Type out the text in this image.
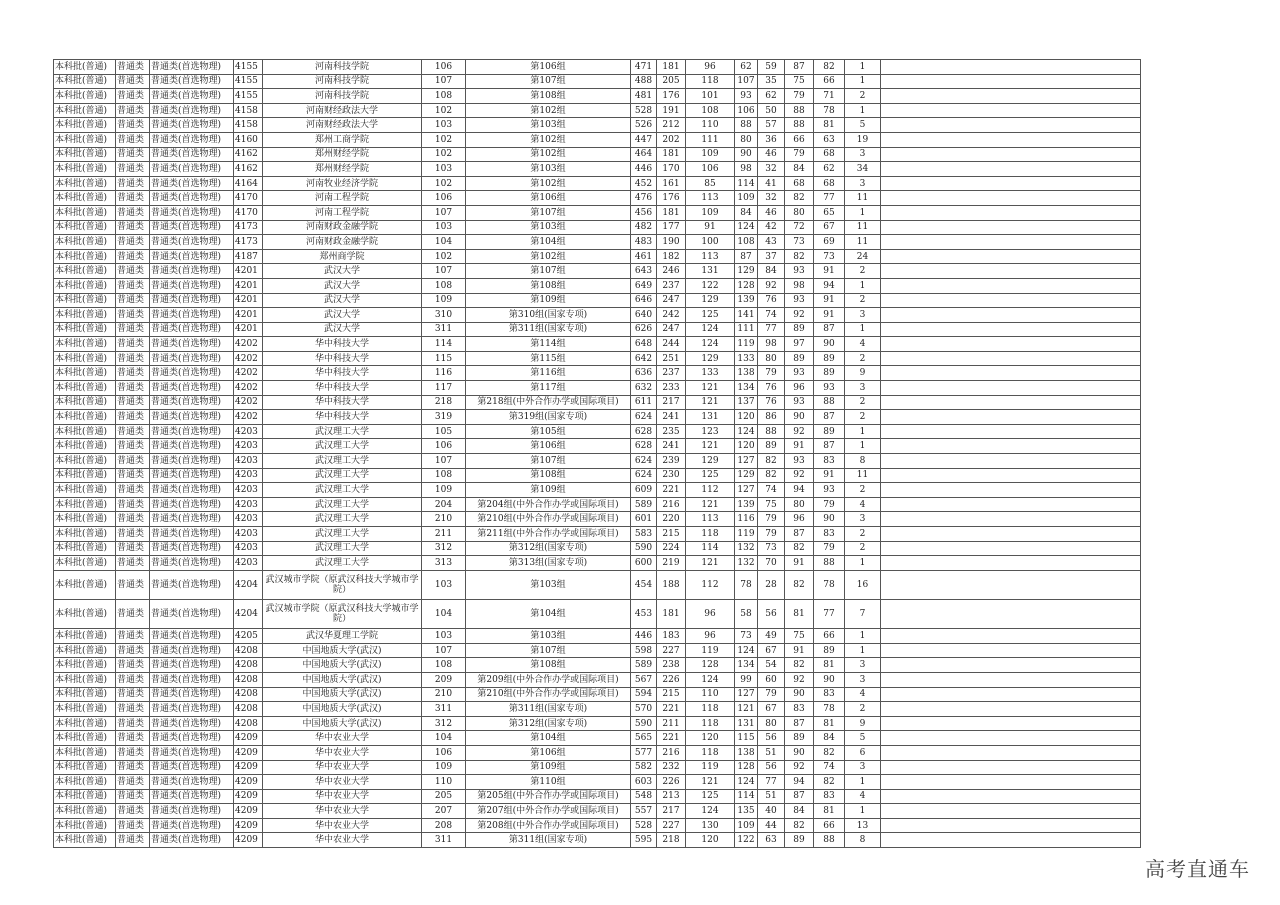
本科批(普通)	普通类	普通类(首选物理)	4155	河南科技学院	106	第106组	471	181	96	62	59	87	82	1	
本科批(普通)	普通类	普通类(首选物理)	4155	河南科技学院	107	第107组	488	205	118	107	35	75	66	1	
本科批(普通)	普通类	普通类(首选物理)	4155	河南科技学院	108	第108组	481	176	101	93	62	79	71	2	
本科批(普通)	普通类	普通类(首选物理)	4158	河南财经政法大学	102	第102组	528	191	108	106	50	88	78	1	
本科批(普通)	普通类	普通类(首选物理)	4158	河南财经政法大学	103	第103组	526	212	110	88	57	88	81	5	
本科批(普通)	普通类	普通类(首选物理)	4160	郑州工商学院	102	第102组	447	202	111	80	36	66	63	19	
本科批(普通)	普通类	普通类(首选物理)	4162	郑州财经学院	102	第102组	464	181	109	90	46	79	68	3	
本科批(普通)	普通类	普通类(首选物理)	4162	郑州财经学院	103	第103组	446	170	106	98	32	84	62	34	
本科批(普通)	普通类	普通类(首选物理)	4164	河南牧业经济学院	102	第102组	452	161	85	114	41	68	68	3	
本科批(普通)	普通类	普通类(首选物理)	4170	河南工程学院	106	第106组	476	176	113	109	32	82	77	11	
本科批(普通)	普通类	普通类(首选物理)	4170	河南工程学院	107	第107组	456	181	109	84	46	80	65	1	
本科批(普通)	普通类	普通类(首选物理)	4173	河南财政金融学院	103	第103组	482	177	91	124	42	72	67	11	
本科批(普通)	普通类	普通类(首选物理)	4173	河南财政金融学院	104	第104组	483	190	100	108	43	73	69	11	
本科批(普通)	普通类	普通类(首选物理)	4187	郑州商学院	102	第102组	461	182	113	87	37	82	73	24	
本科批(普通)	普通类	普通类(首选物理)	4201	武汉大学	107	第107组	643	246	131	129	84	93	91	2	
本科批(普通)	普通类	普通类(首选物理)	4201	武汉大学	108	第108组	649	237	122	128	92	98	94	1	
本科批(普通)	普通类	普通类(首选物理)	4201	武汉大学	109	第109组	646	247	129	139	76	93	91	2	
本科批(普通)	普通类	普通类(首选物理)	4201	武汉大学	310	第310组(国家专项)	640	242	125	141	74	92	91	3	
本科批(普通)	普通类	普通类(首选物理)	4201	武汉大学	311	第311组(国家专项)	626	247	124	111	77	89	87	1	
本科批(普通)	普通类	普通类(首选物理)	4202	华中科技大学	114	第114组	648	244	124	119	98	97	90	4	
本科批(普通)	普通类	普通类(首选物理)	4202	华中科技大学	115	第115组	642	251	129	133	80	89	89	2	
本科批(普通)	普通类	普通类(首选物理)	4202	华中科技大学	116	第116组	636	237	133	138	79	93	89	9	
本科批(普通)	普通类	普通类(首选物理)	4202	华中科技大学	117	第117组	632	233	121	134	76	96	93	3	
本科批(普通)	普通类	普通类(首选物理)	4202	华中科技大学	218	第218组(中外合作办学或国际项目)	611	217	121	137	76	93	88	2	
本科批(普通)	普通类	普通类(首选物理)	4202	华中科技大学	319	第319组(国家专项)	624	241	131	120	86	90	87	2	
本科批(普通)	普通类	普通类(首选物理)	4203	武汉理工大学	105	第105组	628	235	123	124	88	92	89	1	
本科批(普通)	普通类	普通类(首选物理)	4203	武汉理工大学	106	第106组	628	241	121	120	89	91	87	1	
本科批(普通)	普通类	普通类(首选物理)	4203	武汉理工大学	107	第107组	624	239	129	127	82	93	83	8	
本科批(普通)	普通类	普通类(首选物理)	4203	武汉理工大学	108	第108组	624	230	125	129	82	92	91	11	
本科批(普通)	普通类	普通类(首选物理)	4203	武汉理工大学	109	第109组	609	221	112	127	74	94	93	2	
本科批(普通)	普通类	普通类(首选物理)	4203	武汉理工大学	204	第204组(中外合作办学或国际项目)	589	216	121	139	75	80	79	4	
本科批(普通)	普通类	普通类(首选物理)	4203	武汉理工大学	210	第210组(中外合作办学或国际项目)	601	220	113	116	79	96	90	3	
本科批(普通)	普通类	普通类(首选物理)	4203	武汉理工大学	211	第211组(中外合作办学或国际项目)	583	215	118	119	79	87	83	2	
本科批(普通)	普通类	普通类(首选物理)	4203	武汉理工大学	312	第312组(国家专项)	590	224	114	132	73	82	79	2	
本科批(普通)	普通类	普通类(首选物理)	4203	武汉理工大学	313	第313组(国家专项)	600	219	121	132	70	91	88	1	
本科批(普通)	普通类	普通类(首选物理)	4204	武汉城市学院（原武汉科技大学城市学院）	103	第103组	454	188	112	78	28	82	78	16	
本科批(普通)	普通类	普通类(首选物理)	4204	武汉城市学院（原武汉科技大学城市学院）	104	第104组	453	181	96	58	56	81	77	7	
本科批(普通)	普通类	普通类(首选物理)	4205	武汉华夏理工学院	103	第103组	446	183	96	73	49	75	66	1	
本科批(普通)	普通类	普通类(首选物理)	4208	中国地质大学(武汉)	107	第107组	598	227	119	124	67	91	89	1	
本科批(普通)	普通类	普通类(首选物理)	4208	中国地质大学(武汉)	108	第108组	589	238	128	134	54	82	81	3	
本科批(普通)	普通类	普通类(首选物理)	4208	中国地质大学(武汉)	209	第209组(中外合作办学或国际项目)	567	226	124	99	60	92	90	3	
本科批(普通)	普通类	普通类(首选物理)	4208	中国地质大学(武汉)	210	第210组(中外合作办学或国际项目)	594	215	110	127	79	90	83	4	
本科批(普通)	普通类	普通类(首选物理)	4208	中国地质大学(武汉)	311	第311组(国家专项)	570	221	118	121	67	83	78	2	
本科批(普通)	普通类	普通类(首选物理)	4208	中国地质大学(武汉)	312	第312组(国家专项)	590	211	118	131	80	87	81	9	
本科批(普通)	普通类	普通类(首选物理)	4209	华中农业大学	104	第104组	565	221	120	115	56	89	84	5	
本科批(普通)	普通类	普通类(首选物理)	4209	华中农业大学	106	第106组	577	216	118	138	51	90	82	6	
本科批(普通)	普通类	普通类(首选物理)	4209	华中农业大学	109	第109组	582	232	119	128	56	92	74	3	
本科批(普通)	普通类	普通类(首选物理)	4209	华中农业大学	110	第110组	603	226	121	124	77	94	82	1	
本科批(普通)	普通类	普通类(首选物理)	4209	华中农业大学	205	第205组(中外合作办学或国际项目)	548	213	125	114	51	87	83	4	
本科批(普通)	普通类	普通类(首选物理)	4209	华中农业大学	207	第207组(中外合作办学或国际项目)	557	217	124	135	40	84	81	1	
本科批(普通)	普通类	普通类(首选物理)	4209	华中农业大学	208	第208组(中外合作办学或国际项目)	528	227	130	109	44	82	66	13	
本科批(普通)	普通类	普通类(首选物理)	4209	华中农业大学	311	第311组(国家专项)	595	218	120	122	63	89	88	8	
高考直通车
